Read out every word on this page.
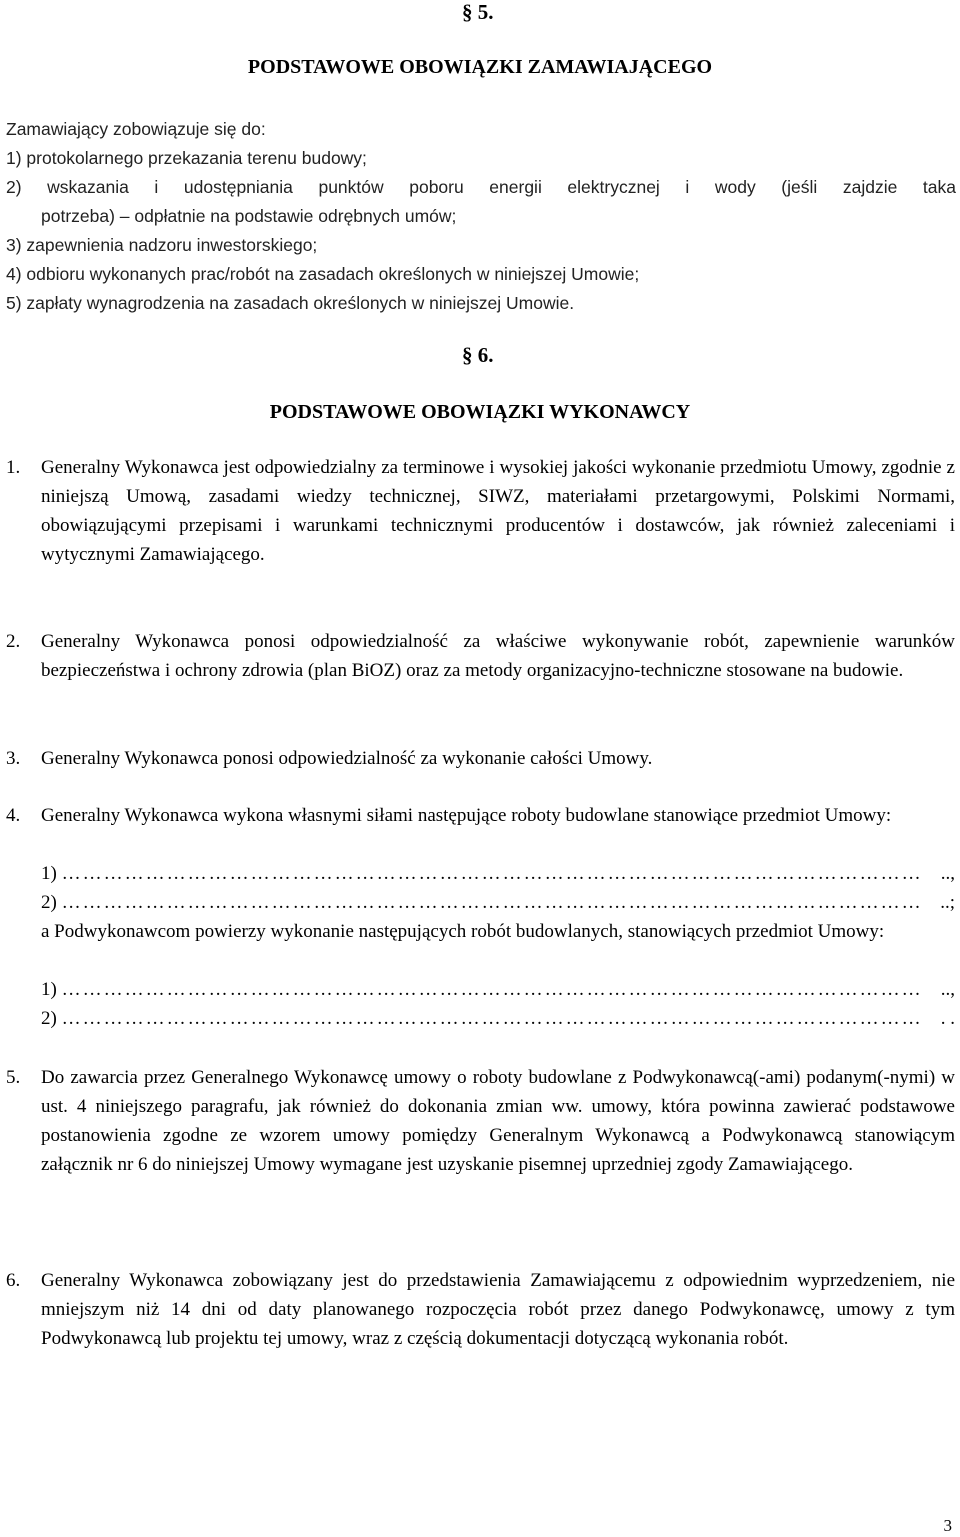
§ 5.
PODSTAWOWE OBOWIĄZKI ZAMAWIAJĄCEGO
Zamawiający zobowiązuje się do:
1) protokolarnego przekazania terenu budowy;
2) wskazania i udostępniania punktów poboru energii elektrycznej i wody (jeśli zajdzie taka
potrzeba) – odpłatnie na podstawie odrębnych umów;
3) zapewnienia nadzoru inwestorskiego;
4) odbioru wykonanych prac/robót na zasadach określonych w niniejszej Umowie;
5) zapłaty wynagrodzenia na zasadach określonych w niniejszej Umowie.
§ 6.
PODSTAWOWE OBOWIĄZKI WYKONAWCY
1. Generalny Wykonawca jest odpowiedzialny za terminowe i wysokiej jakości wykonanie przedmiotu Umowy, zgodnie z niniejszą Umową, zasadami wiedzy technicznej, SIWZ, materiałami przetargowymi, Polskimi Normami, obowiązującymi przepisami i warunkami technicznymi producentów i dostawców, jak również zaleceniami i wytycznymi Zamawiającego.
2. Generalny Wykonawca ponosi odpowiedzialność za właściwe wykonywanie robót, zapewnienie warunków bezpieczeństwa i ochrony zdrowia (plan BiOZ) oraz za metody organizacyjno-techniczne stosowane na budowie.
3. Generalny Wykonawca ponosi odpowiedzialność za wykonanie całości Umowy.
4. Generalny Wykonawca wykona własnymi siłami następujące roboty budowlane stanowiące przedmiot Umowy:
1) …………………………………………………………………………………………………………… ..,
2) …………………………………………………………………………………………………………… ..;
a Podwykonawcom powierzy wykonanie następujących robót budowlanych, stanowiących przedmiot Umowy:
1) …………………………………………………………………………………………………………… ..,
2) …………………………………………………………………………………………………………… . .
5. Do zawarcia przez Generalnego Wykonawcę umowy o roboty budowlane z Podwykonawcą(-ami) podanym(-nymi) w ust. 4 niniejszego paragrafu, jak również do dokonania zmian ww. umowy, która powinna zawierać podstawowe postanowienia zgodne ze wzorem umowy pomiędzy Generalnym Wykonawcą a Podwykonawcą stanowiącym załącznik nr 6 do niniejszej Umowy wymagane jest uzyskanie pisemnej uprzedniej zgody Zamawiającego.
6. Generalny Wykonawca zobowiązany jest do przedstawienia Zamawiającemu z odpowiednim wyprzedzeniem, nie mniejszym niż 14 dni od daty planowanego rozpoczęcia robót przez danego Podwykonawcę, umowy z tym Podwykonawcą lub projektu tej umowy, wraz z częścią dokumentacji dotyczącą wykonania robót.
3
